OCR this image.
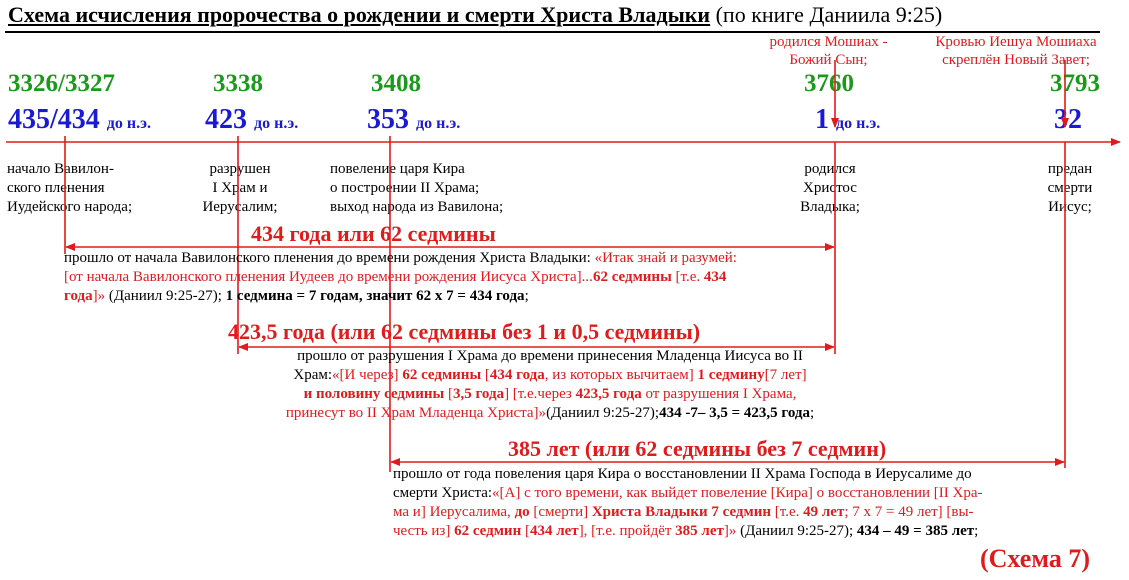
Схема исчисления пророчества о рождении и смерти Христа Владыки (по книге Даниила 9:25)
родился Мошиах -
Божий Сын;
Кровью Иешуа Мошиаха
скреплён Новый Завет;
3326/3327	3338	3408	3760	3793
435/434 до н.э. 423 до н.э. 353 до н.э.	1 до н.э.	32
начало Вавилон-
ского пленения
Иудейского народа;
разрушен
I Храм и
Иерусалим;
повеление царя Кира
о построении II Храма;
выход народа из Вавилона;
родился
Христос
Владыка;
предан
смерти
Иисус;
434 года или 62 седмины
423,5 года (или 62 седмины без 1 и 0,5 седмины)
385 лет (или 62 седмины без 7 седмин)
прошло от начала Вавилонского пленения до времени рождения Христа Владыки: «Итак знай и разумей:
[от начала Вавилонского пленения Иудеев до времени рождения Иисуса Христа]...62 седмины [т.е. 434
года]» (Даниил 9:25-27); 1 седмина = 7 годам, значит 62 х 7 = 434 года;
прошло от разрушения I Храма до времени принесения Младенца Иисуса во II
Храм:«[И через] 62 седмины [434 года, из которых вычитаем] 1 седмину[7 лет]
и половину седмины [3,5 года] [т.е.через 423,5 года от разрушения I Храма,
принесут во II Храм Младенца Христа]»(Даниил 9:25-27);434 -7– 3,5 = 423,5 года;
прошло от года повеления царя Кира о восстановлении II Храма Господа в Иерусалиме до
смерти Христа:«[А] с того времени, как выйдет повеление [Кира] о восстановлении [II Хра-
ма и] Иерусалима, до [смерти] Христа Владыки 7 седмин [т.е. 49 лет; 7 х 7 = 49 лет] [вы-
честь из] 62 седмин [434 лет], [т.е. пройдёт 385 лет]» (Даниил 9:25-27); 434 – 49 = 385 лет;
(Схема 7)
